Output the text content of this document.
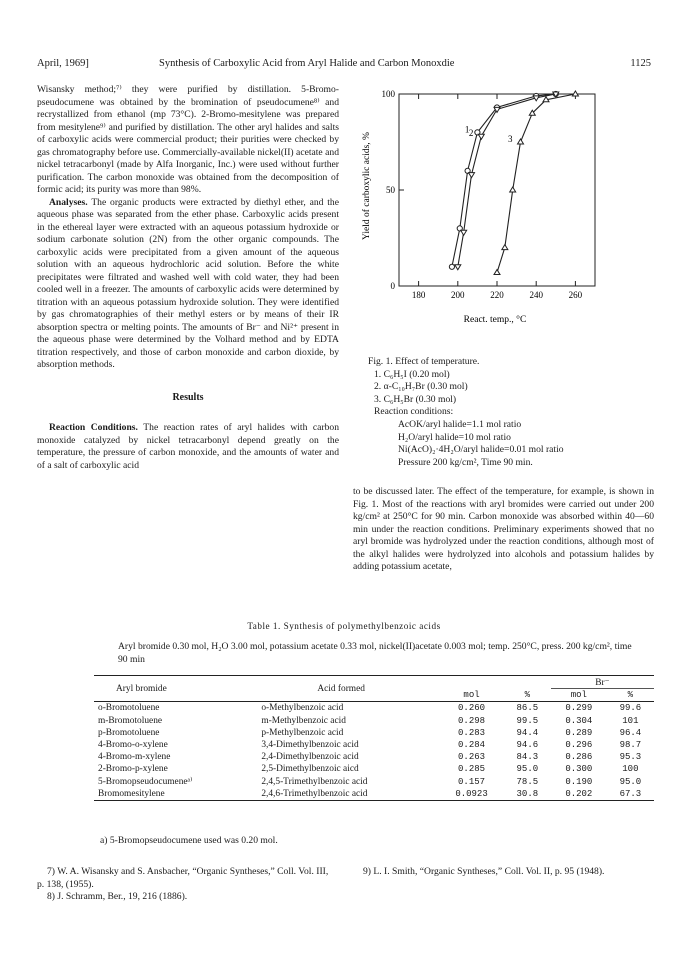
April, 1969]	Synthesis of Carboxylic Acid from Aryl Halide and Carbon Monoxdie	1125

Wisansky method;⁷⁾ they were purified by distillation. 5-Bromo-pseudocumene was obtained by the bromination of pseudocumene⁸⁾ and recrystallized from ethanol (mp 73°C). 2-Bromo-mesitylene was prepared from mesitylene⁹⁾ and purified by distillation. The other aryl halides and salts of carboxylic acids were commercial product; their purities were checked by gas chromatography before use. Commercially-available nickel(II) acetate and nickel tetracarbonyl (made by Alfa Inorganic, Inc.) were used without further purification. The carbon monoxide was obtained from the decomposition of formic acid; its purity was more than 98%.

Analyses. The organic products were extracted by diethyl ether, and the aqueous phase was separated from the ether phase. Carboxylic acids present in the ethereal layer were extracted with an aqueous potassium hydroxide or sodium carbonate solution (2N) from the other organic compounds. The carboxylic acids were precipitated from a given amount of the aqueous solution with an aqueous hydrochloric acid solution. Before the white precipitates were filtrated and washed well with cold water, they had been cooled well in a freezer. The amounts of carboxylic acids were determined by titration with an aqueous potassium hydroxide solution. They were identified by gas chromatographies of their methyl esters or by means of their IR absorption spectra or melting points. The amounts of Br⁻ and Ni²⁺ present in the aqueous phase were determined by the Volhard method and by EDTA titration respectively, and those of carbon monoxide and carbon dioxide, by absorption methods.

Results

Reaction Conditions. The reaction rates of aryl halides with carbon monoxide catalyzed by nickel tetracarbonyl depend greatly on the temperature, the pressure of carbon monoxide, and the amounts of water and of a salt of carboxylic acid

180	200	220	240	260
0
50
100
1 2
3
Yield of carboxylic acids, %
React. temp., °C
Fig. 1. Effect of temperature.
1. C₆H₅I (0.20 mol)
2. α-C₁₀H₇Br (0.30 mol)
3. C₆H₅Br (0.30 mol)
Reaction conditions:
AcOK/aryl halide=1.1 mol ratio
H₂O/aryl halide=10 mol ratio
Ni(AcO)₂·4H₂O/aryl halide=0.01 mol ratio
Pressure 200 kg/cm², Time 90 min.

to be discussed later. The effect of the temperature, for example, is shown in Fig. 1. Most of the reactions with aryl bromides were carried out under 200 kg/cm² at 250°C for 90 min. Carbon monoxide was absorbed within 40—60 min under the reaction conditions. Preliminary experiments showed that no aryl bromide was hydrolyzed under the reaction conditions, although most of the alkyl halides were hydrolyzed into alcohols and potassium halides by adding potassium acetate,

Table 1. Synthesis of polymethylbenzoic acids
Aryl bromide 0.30 mol, H₂O 3.00 mol, potassium acetate 0.33 mol, nickel(II)acetate 0.003 mol; temp. 250°C, press. 200 kg/cm², time 90 min
Aryl bromide	Acid formed			Br⁻	
		mol	%	mol	%
o-Bromotoluene	o-Methylbenzoic acid	0.260	86.5	0.299	99.6
m-Bromotoluene	m-Methylbenzoic acid	0.298	99.5	0.304	101
p-Bromotoluene	p-Methylbenzoic acid	0.283	94.4	0.289	96.4
4-Bromo-o-xylene	3,4-Dimethylbenzoic acid	0.284	94.6	0.296	98.7
4-Bromo-m-xylene	2,4-Dimethylbenzoic acid	0.263	84.3	0.286	95.3
2-Bromo-p-xylene	2,5-Dimethylbenzoic aicd	0.285	95.0	0.300	100
5-Bromopseudocumeneᵃ⁾	2,4,5-Trimethylbenzoic acid	0.157	78.5	0.190	95.0
Bromomesitylene	2,4,6-Trimethylbenzoic acid	0.0923	30.8	0.202	67.3
a) 5-Bromopseudocumene used was 0.20 mol.
7) W. A. Wisansky and S. Ansbacher, “Organic Syntheses,” Coll. Vol. III, p. 138, (1955).
8) J. Schramm, Ber., 19, 216 (1886).
9) L. I. Smith, “Organic Syntheses,” Coll. Vol. II, p. 95 (1948).
